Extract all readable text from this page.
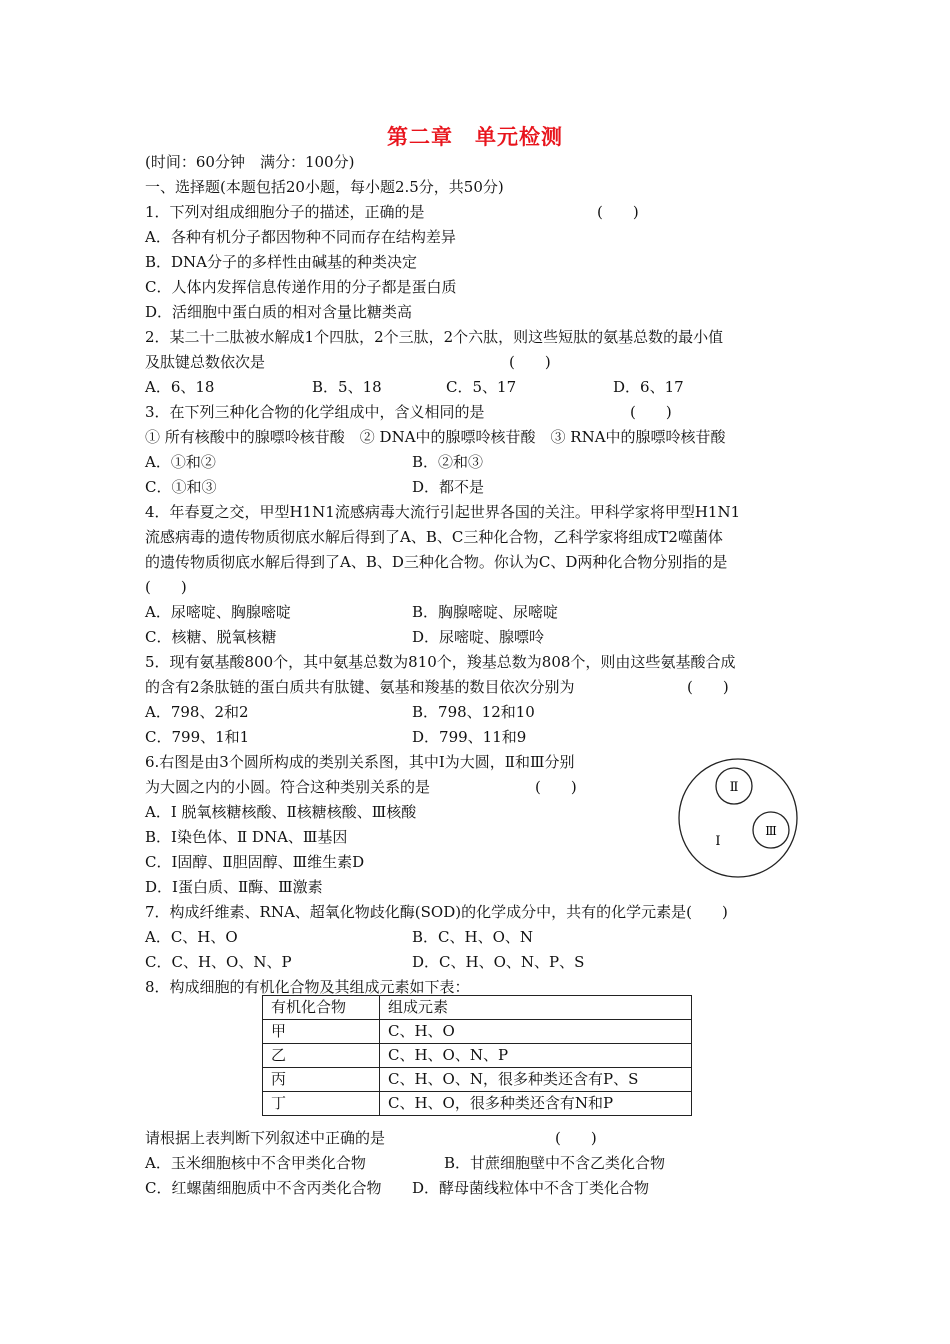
第二章　单元检测
(时间：60分钟　满分：100分)
一、选择题(本题包括20小题，每小题2.5分，共50分)
1．下列对组成细胞分子的描述，正确的是	(　　)
A．各种有机分子都因物种不同而存在结构差异
B．DNA分子的多样性由碱基的种类决定
C．人体内发挥信息传递作用的分子都是蛋白质
D．活细胞中蛋白质的相对含量比糖类高
2．某二十二肽被水解成1个四肽，2个三肽，2个六肽，则这些短肽的氨基总数的最小值
及肽键总数依次是	(　　)
A．6、18	B．5、18	C．5、17	D．6、17
3．在下列三种化合物的化学组成中，含义相同的是	(　　)
① 所有核酸中的腺嘌呤核苷酸　② DNA中的腺嘌呤核苷酸　③ RNA中的腺嘌呤核苷酸
A．①和②	B．②和③
C．①和③	D．都不是
4．年春夏之交，甲型H1N1流感病毒大流行引起世界各国的关注。甲科学家将甲型H1N1
流感病毒的遗传物质彻底水解后得到了A、B、C三种化合物，乙科学家将组成T2噬菌体
的遗传物质彻底水解后得到了A、B、D三种化合物。你认为C、D两种化合物分别指的是
(　　)
A．尿嘧啶、胸腺嘧啶	B．胸腺嘧啶、尿嘧啶
C．核糖、脱氧核糖	D．尿嘧啶、腺嘌呤
5．现有氨基酸800个，其中氨基总数为810个，羧基总数为808个，则由这些氨基酸合成
的含有2条肽链的蛋白质共有肽键、氨基和羧基的数目依次分别为	(　　)
A．798、2和2	B．798、12和10
C．799、1和1	D．799、11和9
6.右图是由3个圆所构成的类别关系图，其中Ⅰ为大圆，Ⅱ和Ⅲ分别
为大圆之内的小圆。符合这种类别关系的是	(　　)
A．Ⅰ 脱氧核糖核酸、Ⅱ核糖核酸、Ⅲ核酸
B．Ⅰ染色体、Ⅱ DNA、Ⅲ基因
C．Ⅰ固醇、Ⅱ胆固醇、Ⅲ维生素D
D．Ⅰ蛋白质、Ⅱ酶、Ⅲ激素
Ⅱ
Ⅲ
Ⅰ
7．构成纤维素、RNA、超氧化物歧化酶(SOD)的化学成分中，共有的化学元素是(　　)
A．C、H、O	B．C、H、O、N
C．C、H、O、N、P	D．C、H、O、N、P、S
8．构成细胞的有机化合物及其组成元素如下表：
有机化合物	组成元素
甲	C、H、O
乙	C、H、O、N、P
丙	C、H、O、N，很多种类还含有P、S
丁	C、H、O，很多种类还含有N和P
请根据上表判断下列叙述中正确的是	(　　)
A．玉米细胞核中不含甲类化合物	B．甘蔗细胞壁中不含乙类化合物
C．红螺菌细胞质中不含丙类化合物 D．酵母菌线粒体中不含丁类化合物
